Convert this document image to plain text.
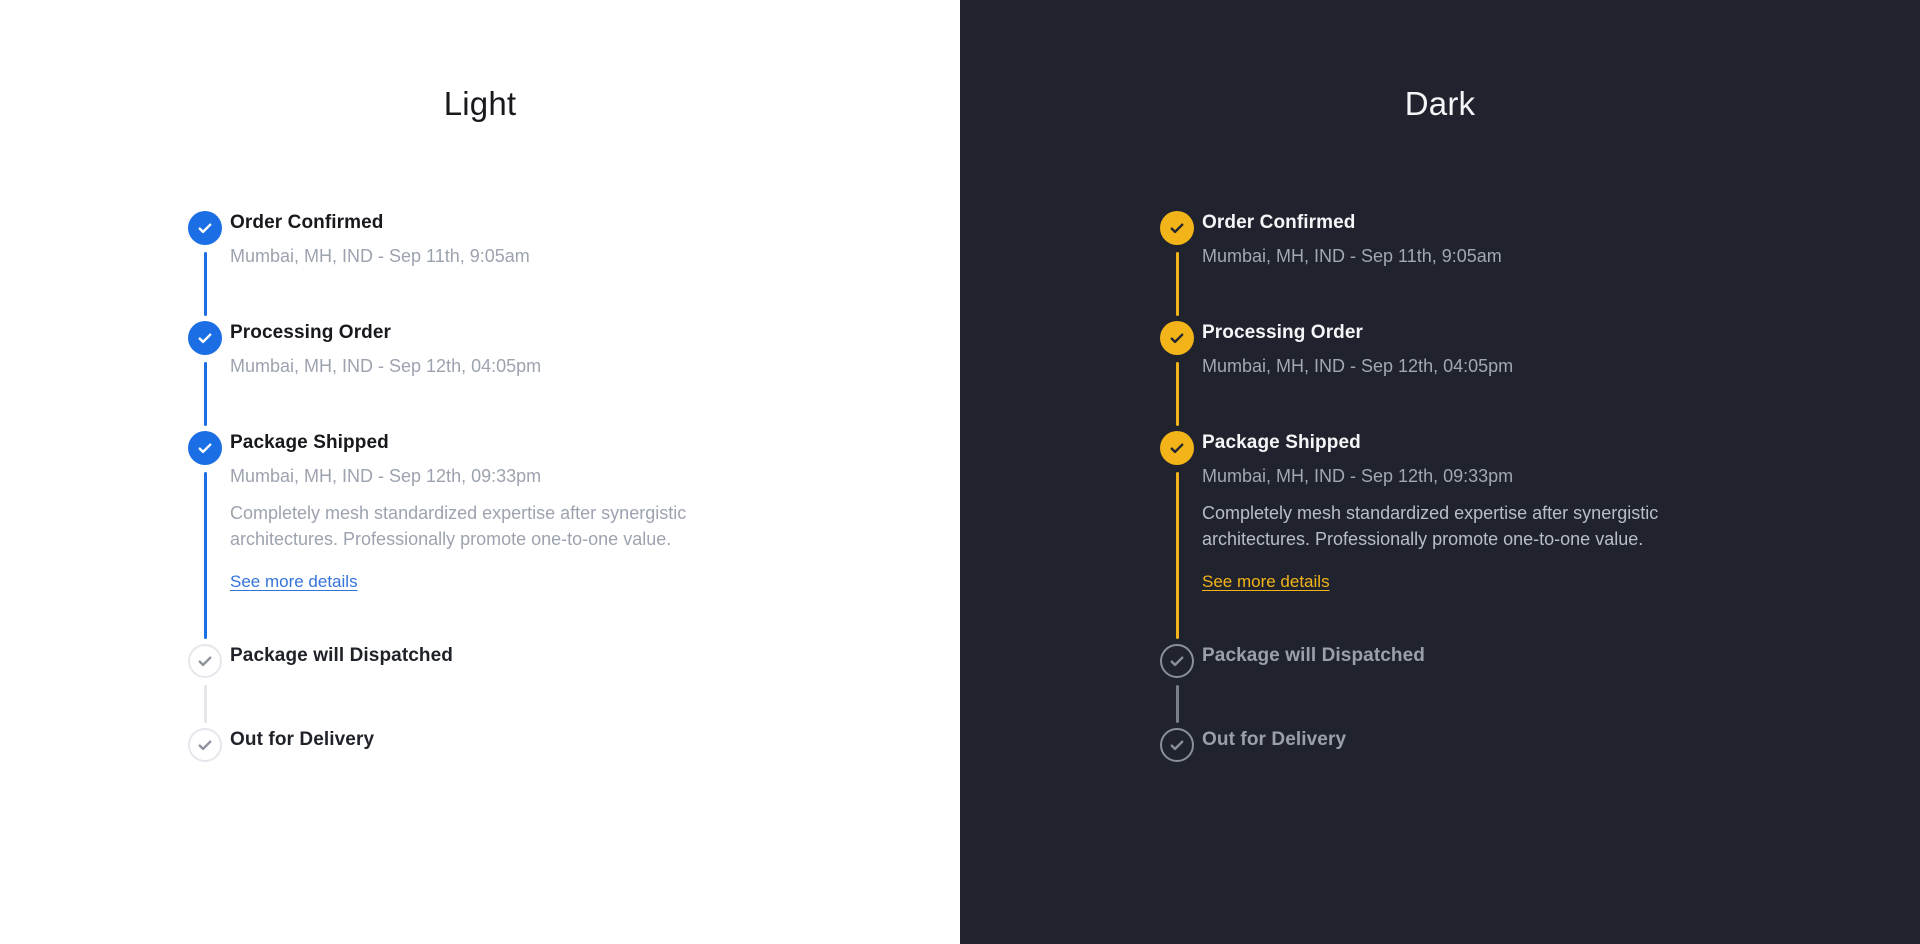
Light
Order Confirmed

Mumbai, MH, IND - Sep 11th, 9:05am

Processing Order

Mumbai, MH, IND - Sep 12th, 04:05pm

Package Shipped

Mumbai, MH, IND - Sep 12th, 09:33pm

Completely mesh standardized expertise after synergistic architectures. Professionally promote one-to-one value.

See more details
Package will Dispatched
Out for Delivery
Dark
Order Confirmed

Mumbai, MH, IND - Sep 11th, 9:05am

Processing Order

Mumbai, MH, IND - Sep 12th, 04:05pm

Package Shipped

Mumbai, MH, IND - Sep 12th, 09:33pm

Completely mesh standardized expertise after synergistic architectures. Professionally promote one-to-one value.

See more details
Package will Dispatched
Out for Delivery
